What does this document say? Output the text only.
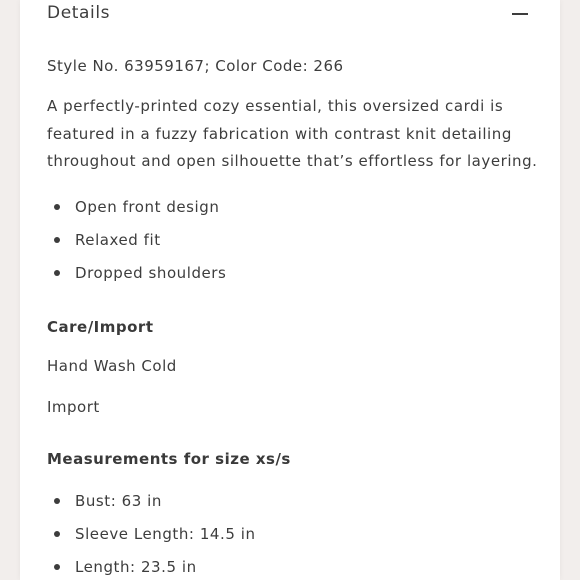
Details

Style No. 63959167; Color Code: 266

A perfectly-printed cozy essential, this oversized cardi is
featured in a fuzzy fabrication with contrast knit detailing
throughout and open silhouette that’s effortless for layering.

Open front design
Relaxed fit
Dropped shoulders
Care/Import

Hand Wash Cold

Import

Measurements for size xs/s
Bust: 63 in
Sleeve Length: 14.5 in
Length: 23.5 in
